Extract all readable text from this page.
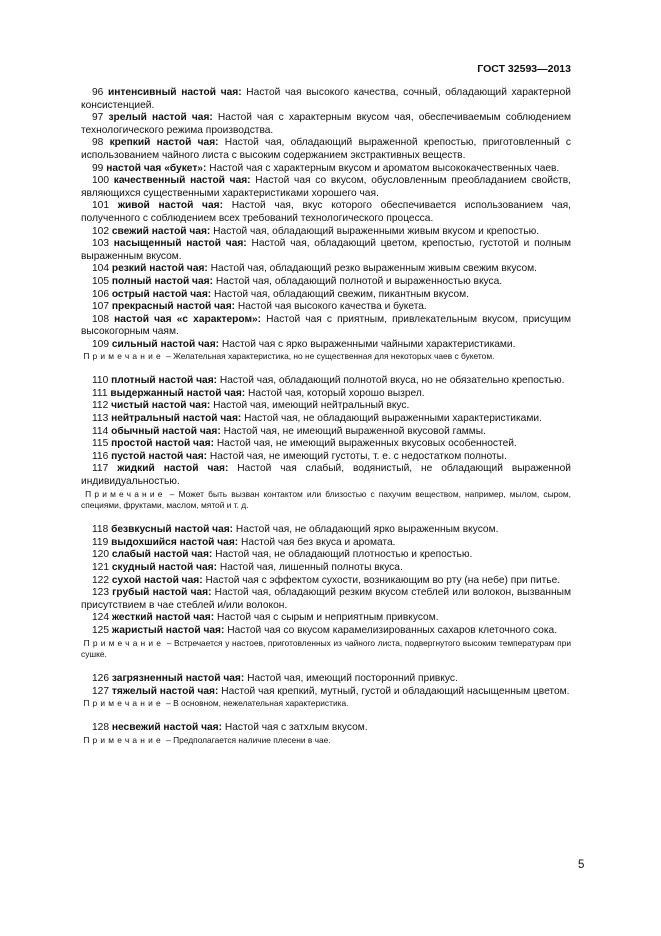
ГОСТ 32593—2013

96 интенсивный настой чая: Настой чая высокого качества, сочный, обладающий характерной консистенцией.

97 зрелый настой чая: Настой чая с характерным вкусом чая, обеспечиваемым соблюдением технологического режима производства.

98 крепкий настой чая: Настой чая, обладающий выраженной крепостью, приготовленный с использованием чайного листа с высоким содержанием экстрактивных веществ.

99 настой чая «букет»: Настой чая с характерным вкусом и ароматом высококачественных чаев.

100 качественный настой чая: Настой чая со вкусом, обусловленным преобладанием свойств, являющихся существенными характеристиками хорошего чая.

101 живой настой чая: Настой чая, вкус которого обеспечивается использованием чая, полученного с соблюдением всех требований технологического процесса.

102 свежий настой чая: Настой чая, обладающий выраженными живым вкусом и крепостью.

103 насыщенный настой чая: Настой чая, обладающий цветом, крепостью, густотой и полным выраженным вкусом.

104 резкий настой чая: Настой чая, обладающий резко выраженным живым свежим вкусом.

105 полный настой чая: Настой чая, обладающий полнотой и выраженностью вкуса.

106 острый настой чая: Настой чая, обладающий свежим, пикантным вкусом.

107 прекрасный настой чая: Настой чая высокого качества и букета.

108 настой чая «с характером»: Настой чая с приятным, привлекательным вкусом, присущим высокогорным чаям.

109 сильный настой чая: Настой чая с ярко выраженными чайными характеристиками.

Примечание – Желательная характеристика, но не существенная для некоторых чаев с букетом.

110 плотный настой чая: Настой чая, обладающий полнотой вкуса, но не обязательно крепостью.

111 выдержанный настой чая: Настой чая, который хорошо вызрел.

112 чистый настой чая: Настой чая, имеющий нейтральный вкус.

113 нейтральный настой чая: Настой чая, не обладающий выраженными характеристиками.

114 обычный настой чая: Настой чая, не имеющий выраженной вкусовой гаммы.

115 простой настой чая: Настой чая, не имеющий выраженных вкусовых особенностей.

116 пустой настой чая: Настой чая, не имеющий густоты, т. е. с недостатком полноты.

117 жидкий настой чая: Настой чая слабый, водянистый, не обладающий выраженной индивидуальностью.

Примечание – Может быть вызван контактом или близостью с пахучим веществом, например, мылом, сыром, специями, фруктами, маслом, мятой и т. д.

118 безвкусный настой чая: Настой чая, не обладающий ярко выраженным вкусом.

119 выдохшийся настой чая: Настой чая без вкуса и аромата.

120 слабый настой чая: Настой чая, не обладающий плотностью и крепостью.

121 скудный настой чая: Настой чая, лишенный полноты вкуса.

122 сухой настой чая: Настой чая с эффектом сухости, возникающим во рту (на небе) при питье.

123 грубый настой чая: Настой чая, обладающий резким вкусом стеблей или волокон, вызванным присутствием в чае стеблей и/или волокон.

124 жесткий настой чая: Настой чая с сырым и неприятным привкусом.

125 жаристый настой чая: Настой чая со вкусом карамелизированных сахаров клеточного сока.

Примечание – Встречается у настоев, приготовленных из чайного листа, подвергнутого высоким температурам при сушке.

126 загрязненный настой чая: Настой чая, имеющий посторонний привкус.

127 тяжелый настой чая: Настой чая крепкий, мутный, густой и обладающий насыщенным цветом.

Примечание – В основном, нежелательная характеристика.

128 несвежий настой чая: Настой чая с затхлым вкусом.

Примечание – Предполагается наличие плесени в чае.

5
